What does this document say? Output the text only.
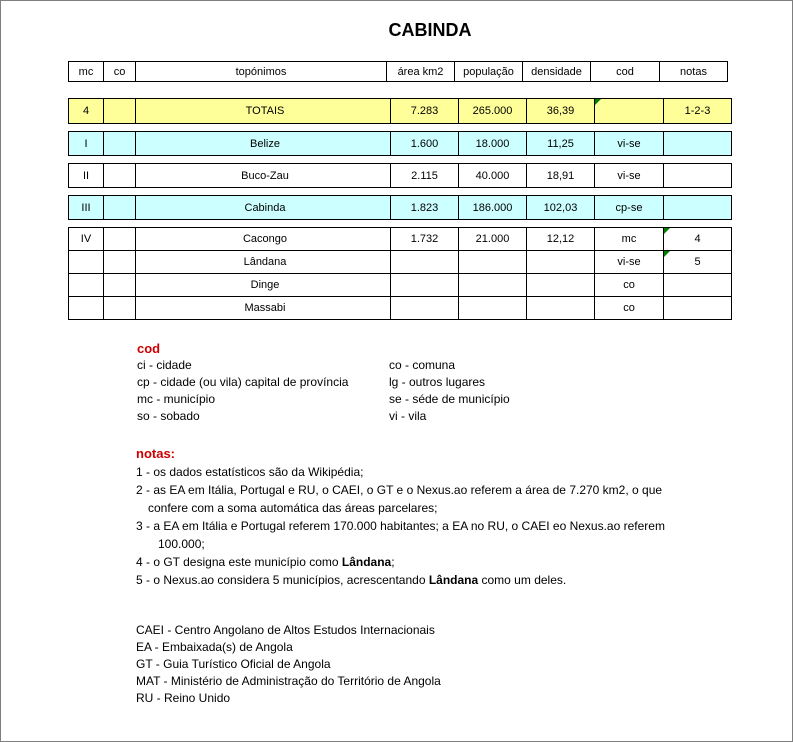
CABINDA
mc	co	topónimos	área km2	população	densidade	cod	notas
4		TOTAIS	7.283	265.000	36,39		1-2-3
I		Belize	1.600	18.000	11,25	vi-se	
II		Buco-Zau	2.115	40.000	18,91	vi-se	
III		Cabinda	1.823	186.000	102,03	cp-se	
IV		Cacongo	1.732	21.000	12,12	mc	4
		Lândana				vi-se	5
		Dinge				co	
		Massabi				co	
cod
ci - cidade
cp - cidade (ou vila) capital de província
mc - município
so - sobado
co - comuna
lg - outros lugares
se - séde de município
vi - vila
notas:
1 - os dados estatísticos são da Wikipédia;
2 - as EA em Itália, Portugal e RU, o CAEI, o GT e o Nexus.ao referem a área de 7.270 km2, o que
confere com a soma automática das áreas parcelares;
3 - a EA em Itália e Portugal referem 170.000 habitantes; a EA no RU, o CAEI eo Nexus.ao referem
100.000;
4 - o GT designa este município como Lândana;
5 - o Nexus.ao considera 5 municípios, acrescentando Lândana como um deles.
CAEI - Centro Angolano de Altos Estudos Internacionais
EA - Embaixada(s) de Angola
GT - Guia Turístico Oficial de Angola
MAT - Ministério de Administração do Território de Angola
RU - Reino Unido
